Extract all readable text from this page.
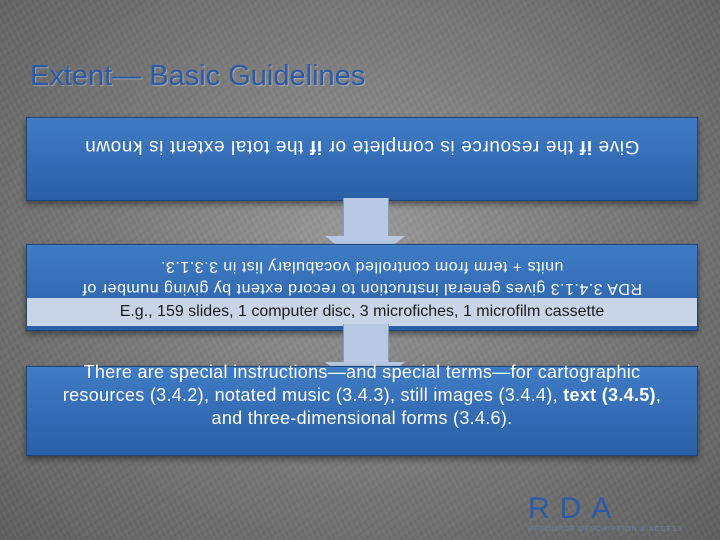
Extent— Basic Guidelines
Give if the resource is complete or if the total extent is known
RDA 3.4.1.3 gives general instruction to record extent by giving number of
units + term from controlled vocabulary list in 3.3.1.3.
E.g., 159 slides, 1 computer disc, 3 microfiches, 1 microfilm cassette
There are special instructions—and special terms—for cartographic resources (3.4.2), notated music (3.4.3), still images (3.4.4), text (3.4.5), and three-dimensional forms (3.4.6).
RDA
RESOURCE DESCRIPTION & ACCESS
